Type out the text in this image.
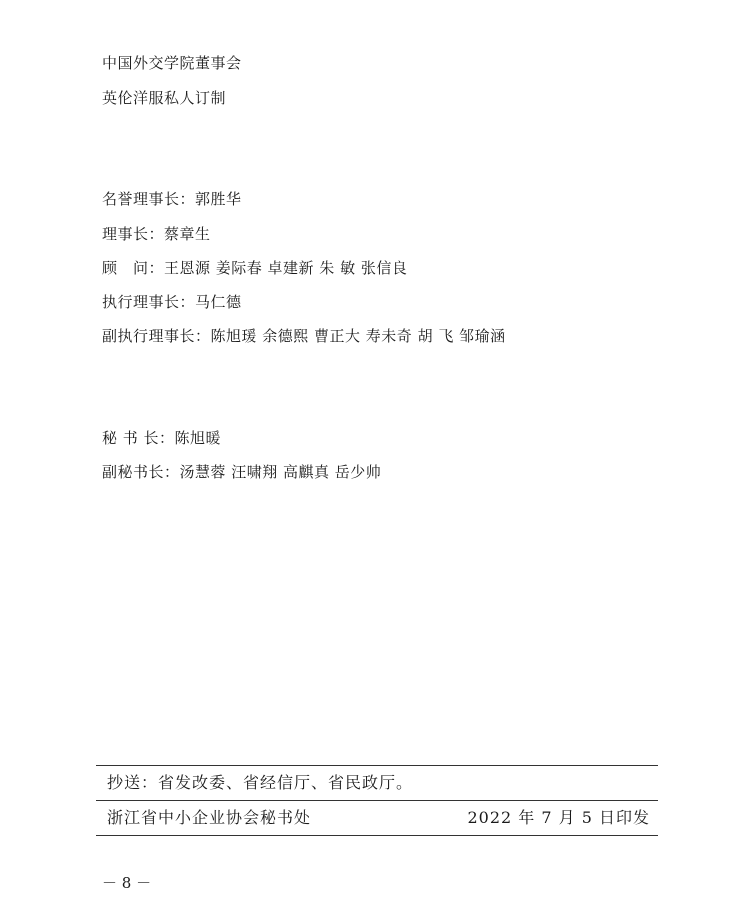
中国外交学院董事会
英伦洋服私人订制
名誉理事长：郭胜华
理事长：蔡章生
顾　问：王恩源 姜际春 卓建新 朱 敏 张信良
执行理事长：马仁德
副执行理事长：陈旭瑗 余德熙 曹正大 寿未奇 胡 飞 邹瑜涵
秘 书 长：陈旭暖
副秘书长：汤慧蓉 汪啸翔 高麒真 岳少帅
抄送：省发改委、省经信厅、省民政厅。
浙江省中小企业协会秘书处	2022 年 7 月 5 日印发
－ 8 －
